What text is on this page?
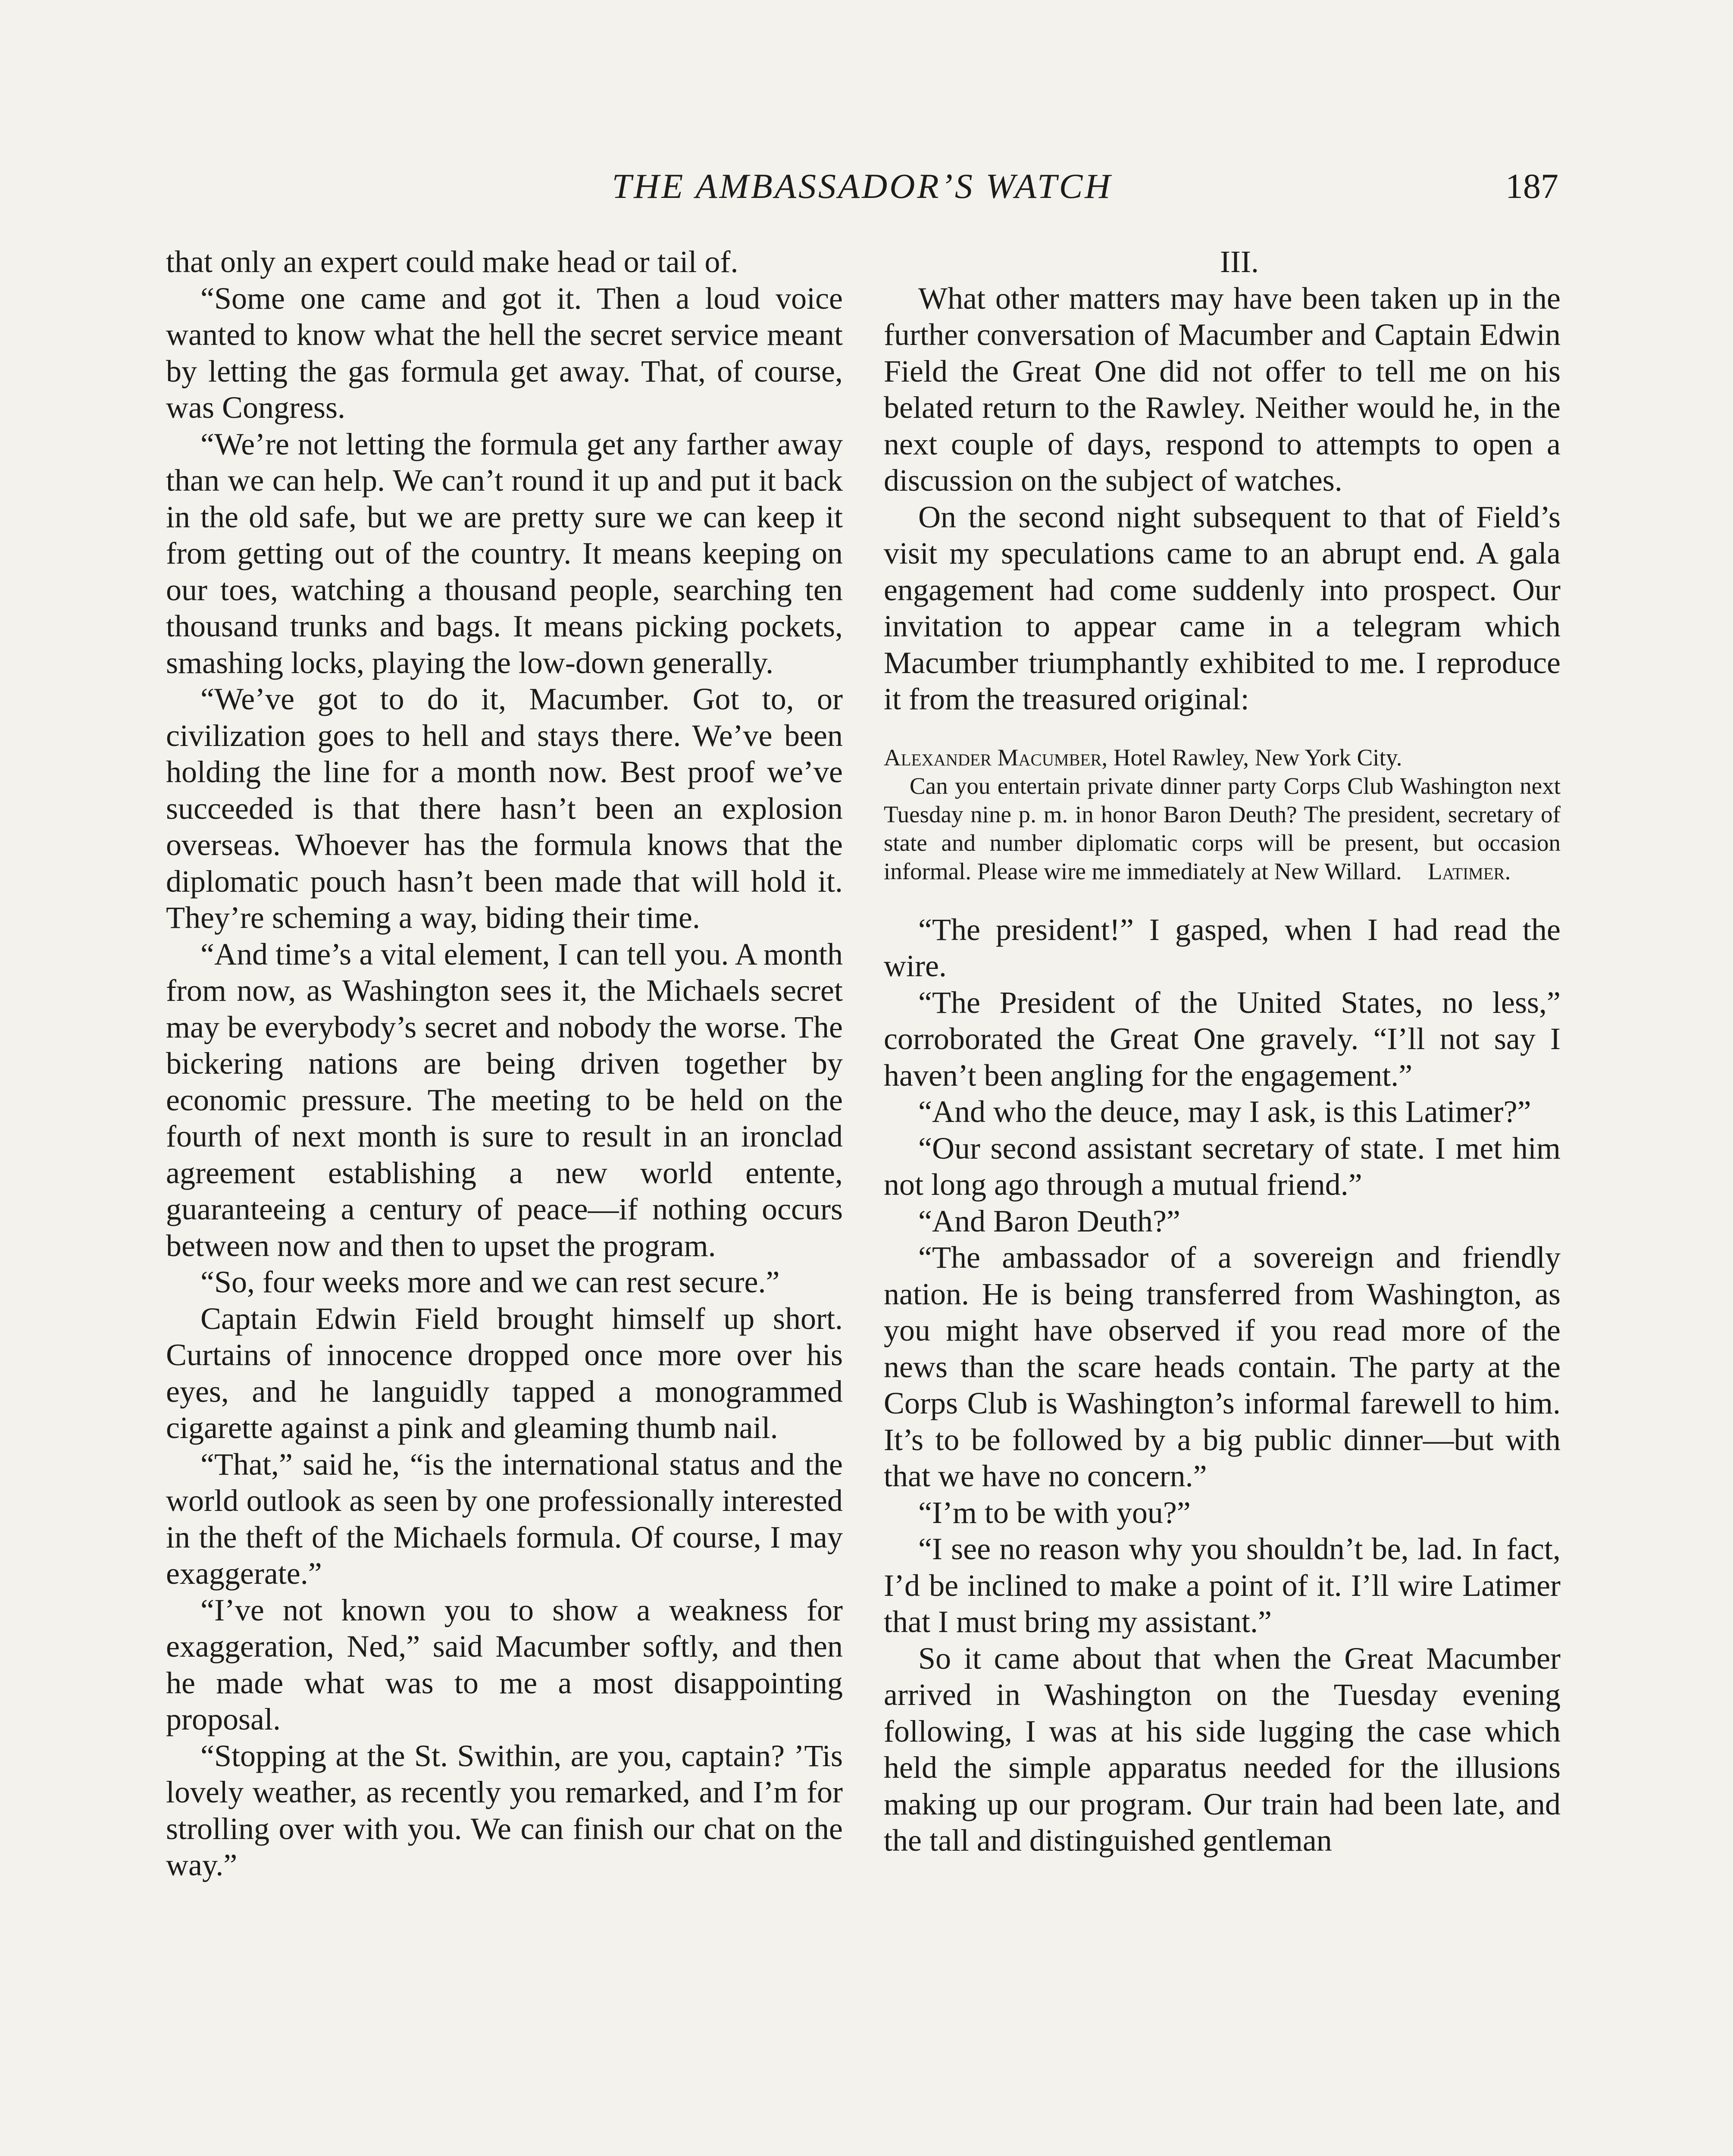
THE AMBASSADOR’S WATCH	187

that only an expert could make head or tail of.

“Some one came and got it. Then a loud voice wanted to know what the hell the secret service meant by letting the gas formula get away. That, of course, was Congress.

“We’re not letting the formula get any farther away than we can help. We can’t round it up and put it back in the old safe, but we are pretty sure we can keep it from getting out of the country. It means keeping on our toes, watching a thousand people, searching ten thousand trunks and bags. It means picking pockets, smashing locks, playing the low-down generally.

“We’ve got to do it, Macumber. Got to, or civilization goes to hell and stays there. We’ve been holding the line for a month now. Best proof we’ve succeeded is that there hasn’t been an explosion overseas. Whoever has the formula knows that the diplomatic pouch hasn’t been made that will hold it. They’re scheming a way, biding their time.

“And time’s a vital element, I can tell you. A month from now, as Washington sees it, the Michaels secret may be everybody’s secret and nobody the worse. The bickering nations are being driven together by economic pressure. The meeting to be held on the fourth of next month is sure to result in an ironclad agreement establishing a new world entente, guaranteeing a century of peace—if nothing occurs between now and then to upset the program.

“So, four weeks more and we can rest secure.”

Captain Edwin Field brought himself up short. Curtains of innocence dropped once more over his eyes, and he languidly tapped a monogrammed cigarette against a pink and gleaming thumb nail.

“That,” said he, “is the international status and the world outlook as seen by one professionally interested in the theft of the Michaels formula. Of course, I may exaggerate.”

“I’ve not known you to show a weakness for exaggeration, Ned,” said Macumber softly, and then he made what was to me a most disappointing proposal.

“Stopping at the St. Swithin, are you, captain? ’Tis lovely weather, as recently you remarked, and I’m for strolling over with you. We can finish our chat on the way.”

III.

What other matters may have been taken up in the further conversation of Macumber and Captain Edwin Field the Great One did not offer to tell me on his belated return to the Rawley. Neither would he, in the next couple of days, respond to attempts to open a discussion on the subject of watches.

On the second night subsequent to that of Field’s visit my speculations came to an abrupt end. A gala engagement had come suddenly into prospect. Our invitation to appear came in a telegram which Macumber triumphantly exhibited to me. I reproduce it from the treasured original:

Alexander Macumber, Hotel Rawley, New York City.

Can you entertain private dinner party Corps Club Washington next Tuesday nine p. m. in honor Baron Deuth? The president, secretary of state and number diplomatic corps will be present, but occasion informal. Please wire me immediately at New Willard. Latimer.

“The president!” I gasped, when I had read the wire.

“The President of the United States, no less,” corroborated the Great One gravely. “I’ll not say I haven’t been angling for the engagement.”

“And who the deuce, may I ask, is this Latimer?”

“Our second assistant secretary of state. I met him not long ago through a mutual friend.”

“And Baron Deuth?”

“The ambassador of a sovereign and friendly nation. He is being transferred from Washington, as you might have observed if you read more of the news than the scare heads contain. The party at the Corps Club is Washington’s informal farewell to him. It’s to be followed by a big public dinner—but with that we have no concern.”

“I’m to be with you?”

“I see no reason why you shouldn’t be, lad. In fact, I’d be inclined to make a point of it. I’ll wire Latimer that I must bring my assistant.”

So it came about that when the Great Macumber arrived in Washington on the Tuesday evening following, I was at his side lugging the case which held the simple apparatus needed for the illusions making up our program. Our train had been late, and the tall and distinguished gentleman
